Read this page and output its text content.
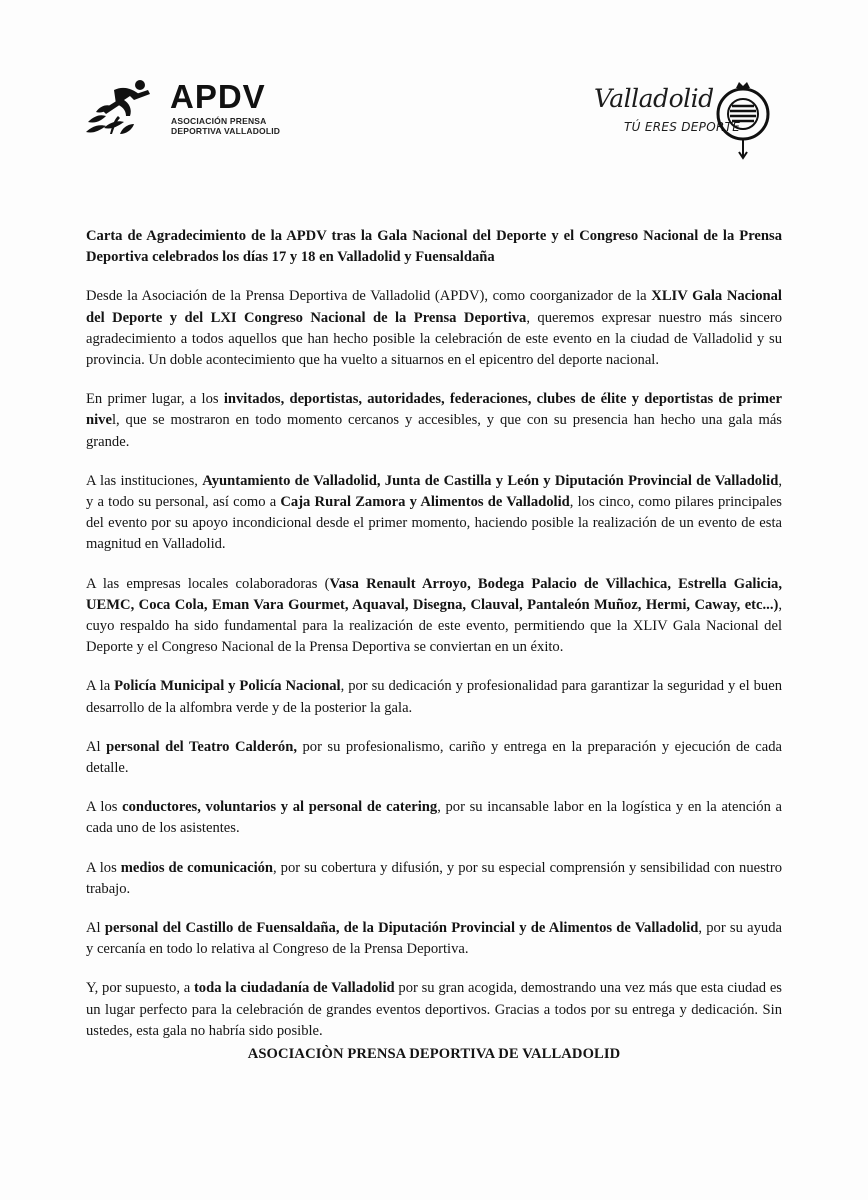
APDV
ASOCIACIÓN PRENSA
DEPORTIVA VALLADOLID
Valladolid
TÚ ERES DEPORTE

Carta de Agradecimiento de la APDV tras la Gala Nacional del Deporte y el Congreso Nacional de la Prensa Deportiva celebrados los días 17 y 18 en Valladolid y Fuensaldaña

Desde la Asociación de la Prensa Deportiva de Valladolid (APDV), como coorganizador de la XLIV Gala Nacional del Deporte y del LXI Congreso Nacional de la Prensa Deportiva, queremos expresar nuestro más sincero agradecimiento a todos aquellos que han hecho posible la celebración de este evento en la ciudad de Valladolid y su provincia. Un doble acontecimiento que ha vuelto a situarnos en el epicentro del deporte nacional.

En primer lugar, a los invitados, deportistas, autoridades, federaciones, clubes de élite y deportistas de primer nivel, que se mostraron en todo momento cercanos y accesibles, y que con su presencia han hecho una gala más grande.

A las instituciones, Ayuntamiento de Valladolid, Junta de Castilla y León y Diputación Provincial de Valladolid, y a todo su personal, así como a Caja Rural Zamora y Alimentos de Valladolid, los cinco, como pilares principales del evento por su apoyo incondicional desde el primer momento, haciendo posible la realización de un evento de esta magnitud en Valladolid.

A las empresas locales colaboradoras (Vasa Renault Arroyo, Bodega Palacio de Villachica, Estrella Galicia, UEMC, Coca Cola, Eman Vara Gourmet, Aquaval, Disegna, Clauval, Pantaleón Muñoz, Hermi, Caway, etc...), cuyo respaldo ha sido fundamental para la realización de este evento, permitiendo que la XLIV Gala Nacional del Deporte y el Congreso Nacional de la Prensa Deportiva se conviertan en un éxito.

A la Policía Municipal y Policía Nacional, por su dedicación y profesionalidad para garantizar la seguridad y el buen desarrollo de la alfombra verde y de la posterior la gala.

Al personal del Teatro Calderón, por su profesionalismo, cariño y entrega en la preparación y ejecución de cada detalle.

A los conductores, voluntarios y al personal de catering, por su incansable labor en la logística y en la atención a cada uno de los asistentes.

A los medios de comunicación, por su cobertura y difusión, y por su especial comprensión y sensibilidad con nuestro trabajo.

Al personal del Castillo de Fuensaldaña, de la Diputación Provincial y de Alimentos de Valladolid, por su ayuda y cercanía en todo lo relativa al Congreso de la Prensa Deportiva.

Y, por supuesto, a toda la ciudadanía de Valladolid por su gran acogida, demostrando una vez más que esta ciudad es un lugar perfecto para la celebración de grandes eventos deportivos. Gracias a todos por su entrega y dedicación. Sin ustedes, esta gala no habría sido posible.

ASOCIACIÒN PRENSA DEPORTIVA DE VALLADOLID
